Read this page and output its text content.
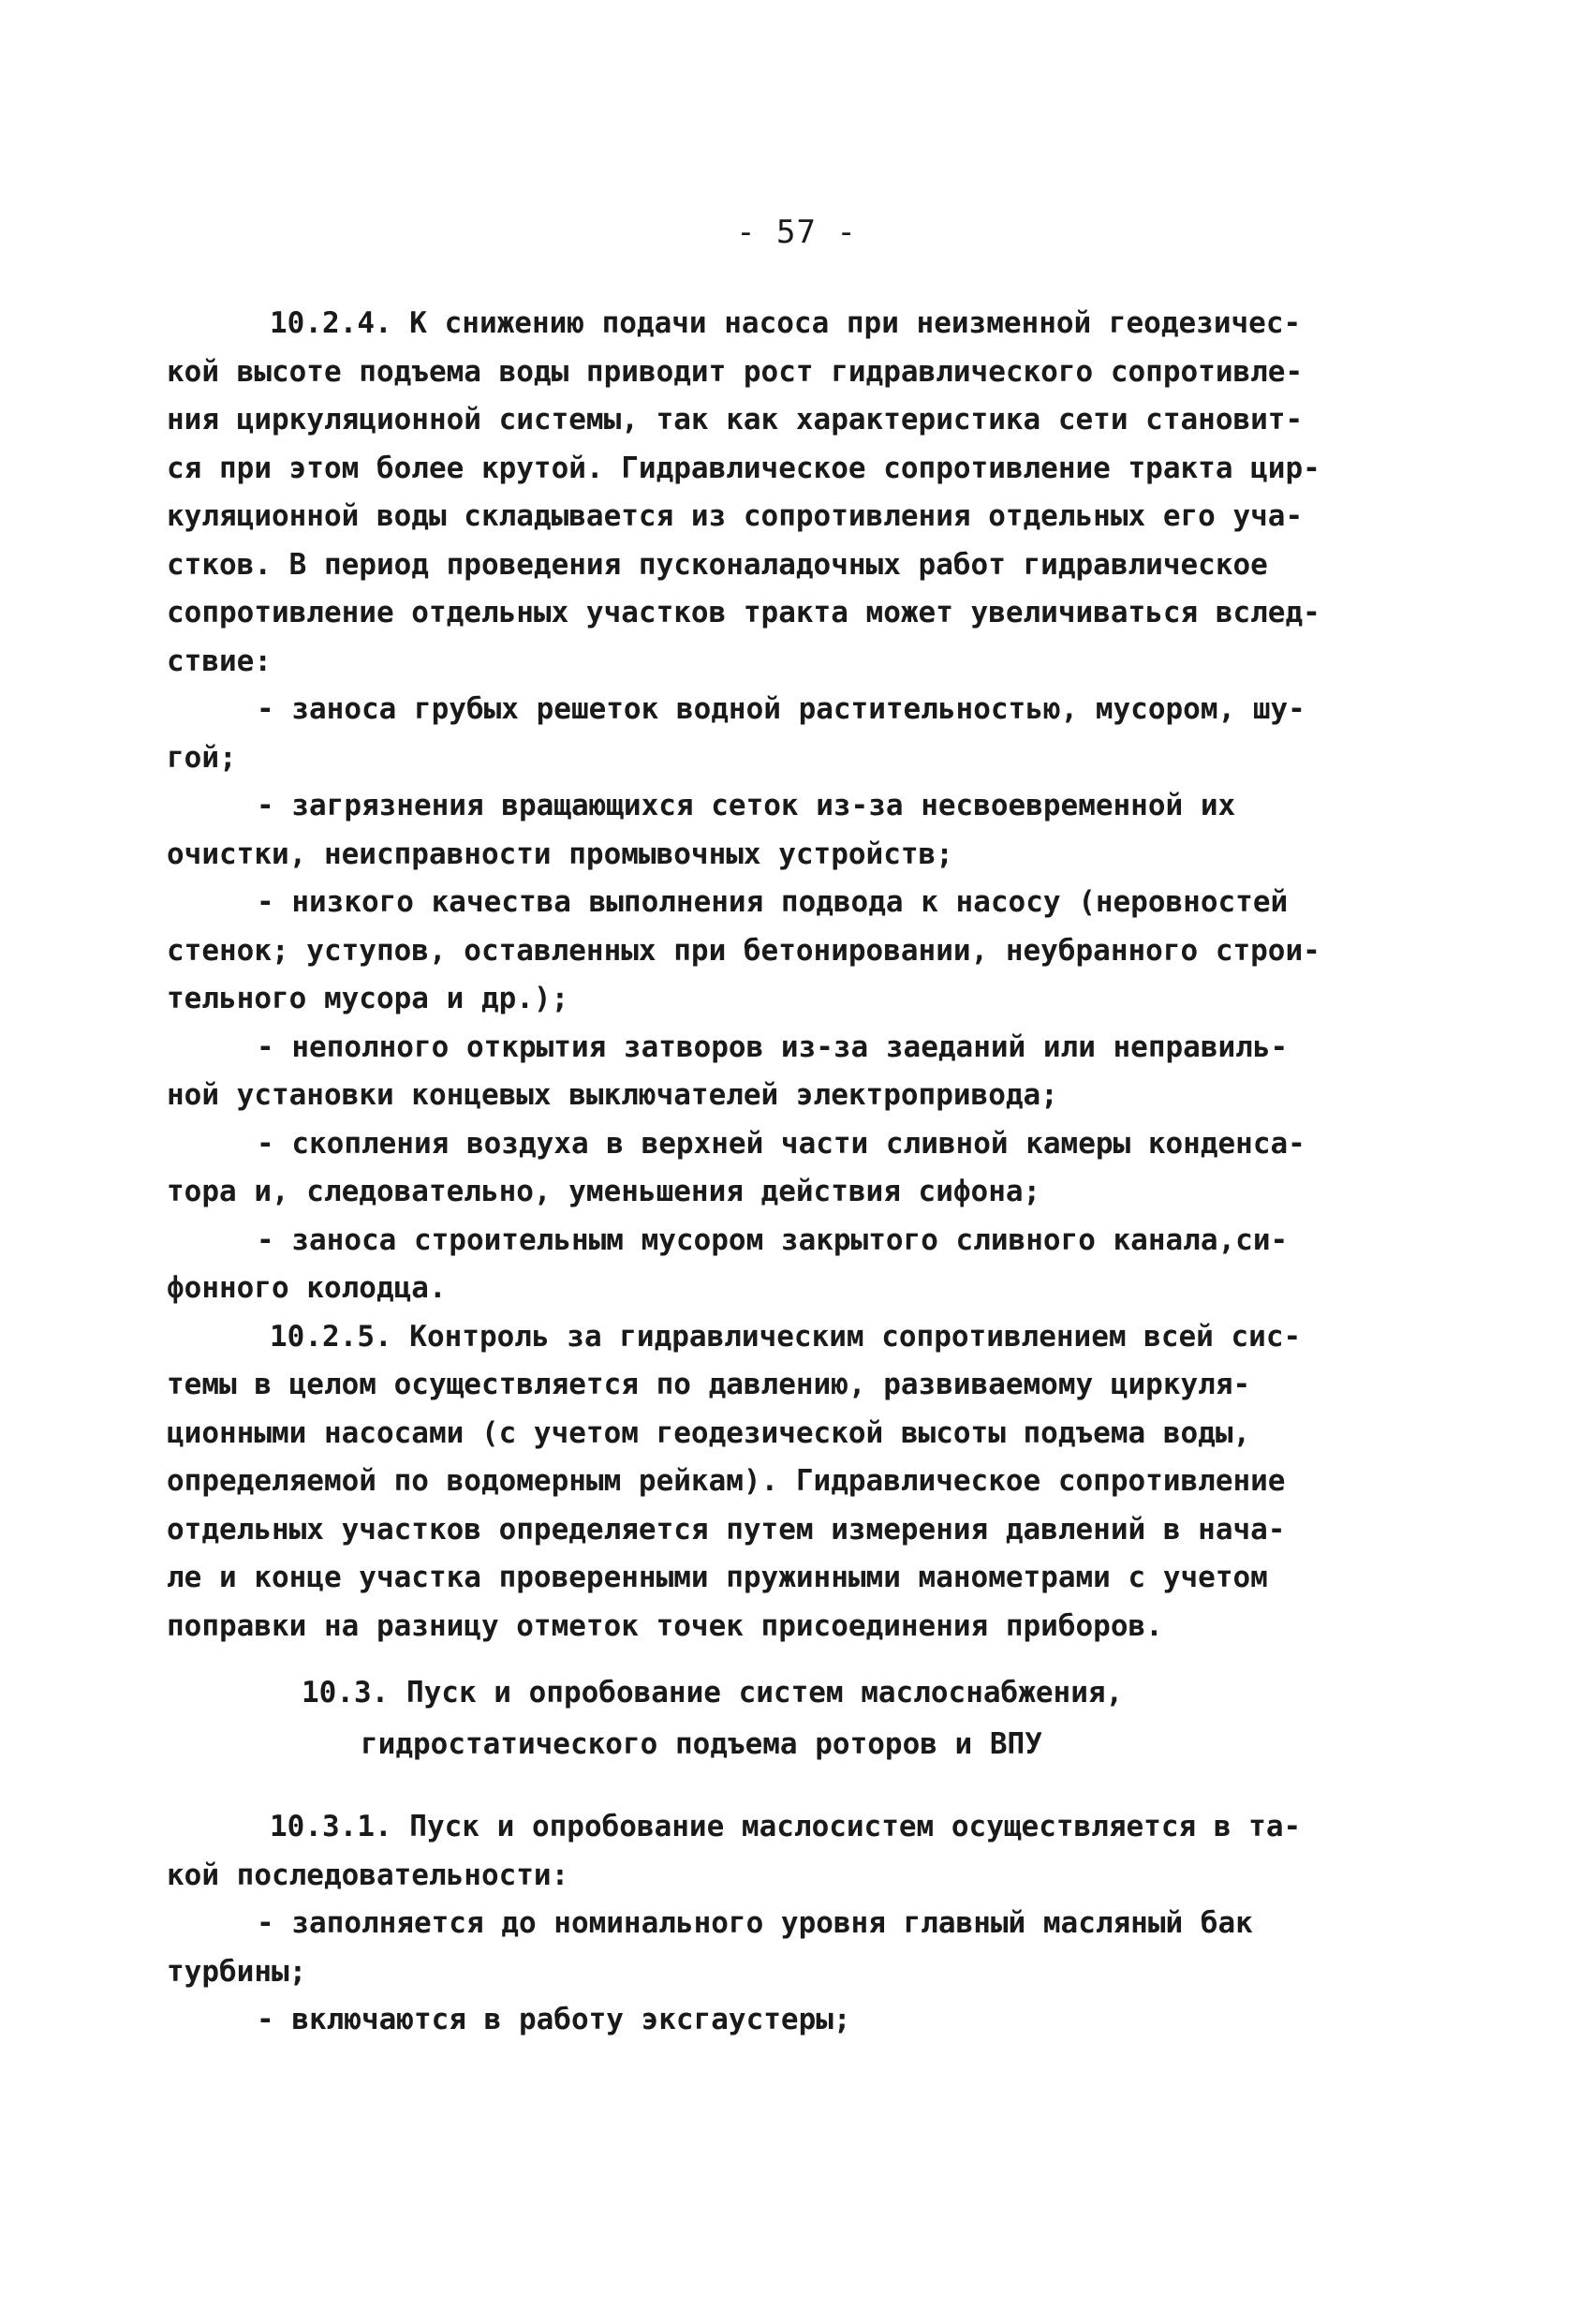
- 57 -
10.2.4. К снижению подачи насоса при неизменной геодезичес-
кой высоте подъема воды приводит рост гидравлического сопротивле-
ния циркуляционной системы, так как характеристика сети становит-
ся при этом более крутой. Гидравлическое сопротивление тракта цир-
куляционной воды складывается из сопротивления отдельных его уча-
стков. В период проведения пусконаладочных работ гидравлическое
сопротивление отдельных участков тракта может увеличиваться вслед-
ствие:
- заноса грубых решеток водной растительностью, мусором, шу-
гой;
- загрязнения вращающихся сеток из-за несвоевременной их
очистки, неисправности промывочных устройств;
- низкого качества выполнения подвода к насосу (неровностей
стенок; уступов, оставленных при бетонировании, неубранного строи-
тельного мусора и др.);
- неполного открытия затворов из-за заеданий или неправиль-
ной установки концевых выключателей электропривода;
- скопления воздуха в верхней части сливной камеры конденса-
тора и, следовательно, уменьшения действия сифона;
- заноса строительным мусором закрытого сливного канала,си-
фонного колодца.
10.2.5. Контроль за гидравлическим сопротивлением всей сис-
темы в целом осуществляется по давлению, развиваемому циркуля-
ционными насосами (с учетом геодезической высоты подъема воды,
определяемой по водомерным рейкам). Гидравлическое сопротивление
отдельных участков определяется путем измерения давлений в нача-
ле и конце участка проверенными пружинными манометрами с учетом
поправки на разницу отметок точек присоединения приборов.
10.3. Пуск и опробование систем маслоснабжения,
гидростатического подъема роторов и ВПУ
10.3.1. Пуск и опробование маслосистем осуществляется в та-
кой последовательности:
- заполняется до номинального уровня главный масляный бак
турбины;
- включаются в работу эксгаустеры;
